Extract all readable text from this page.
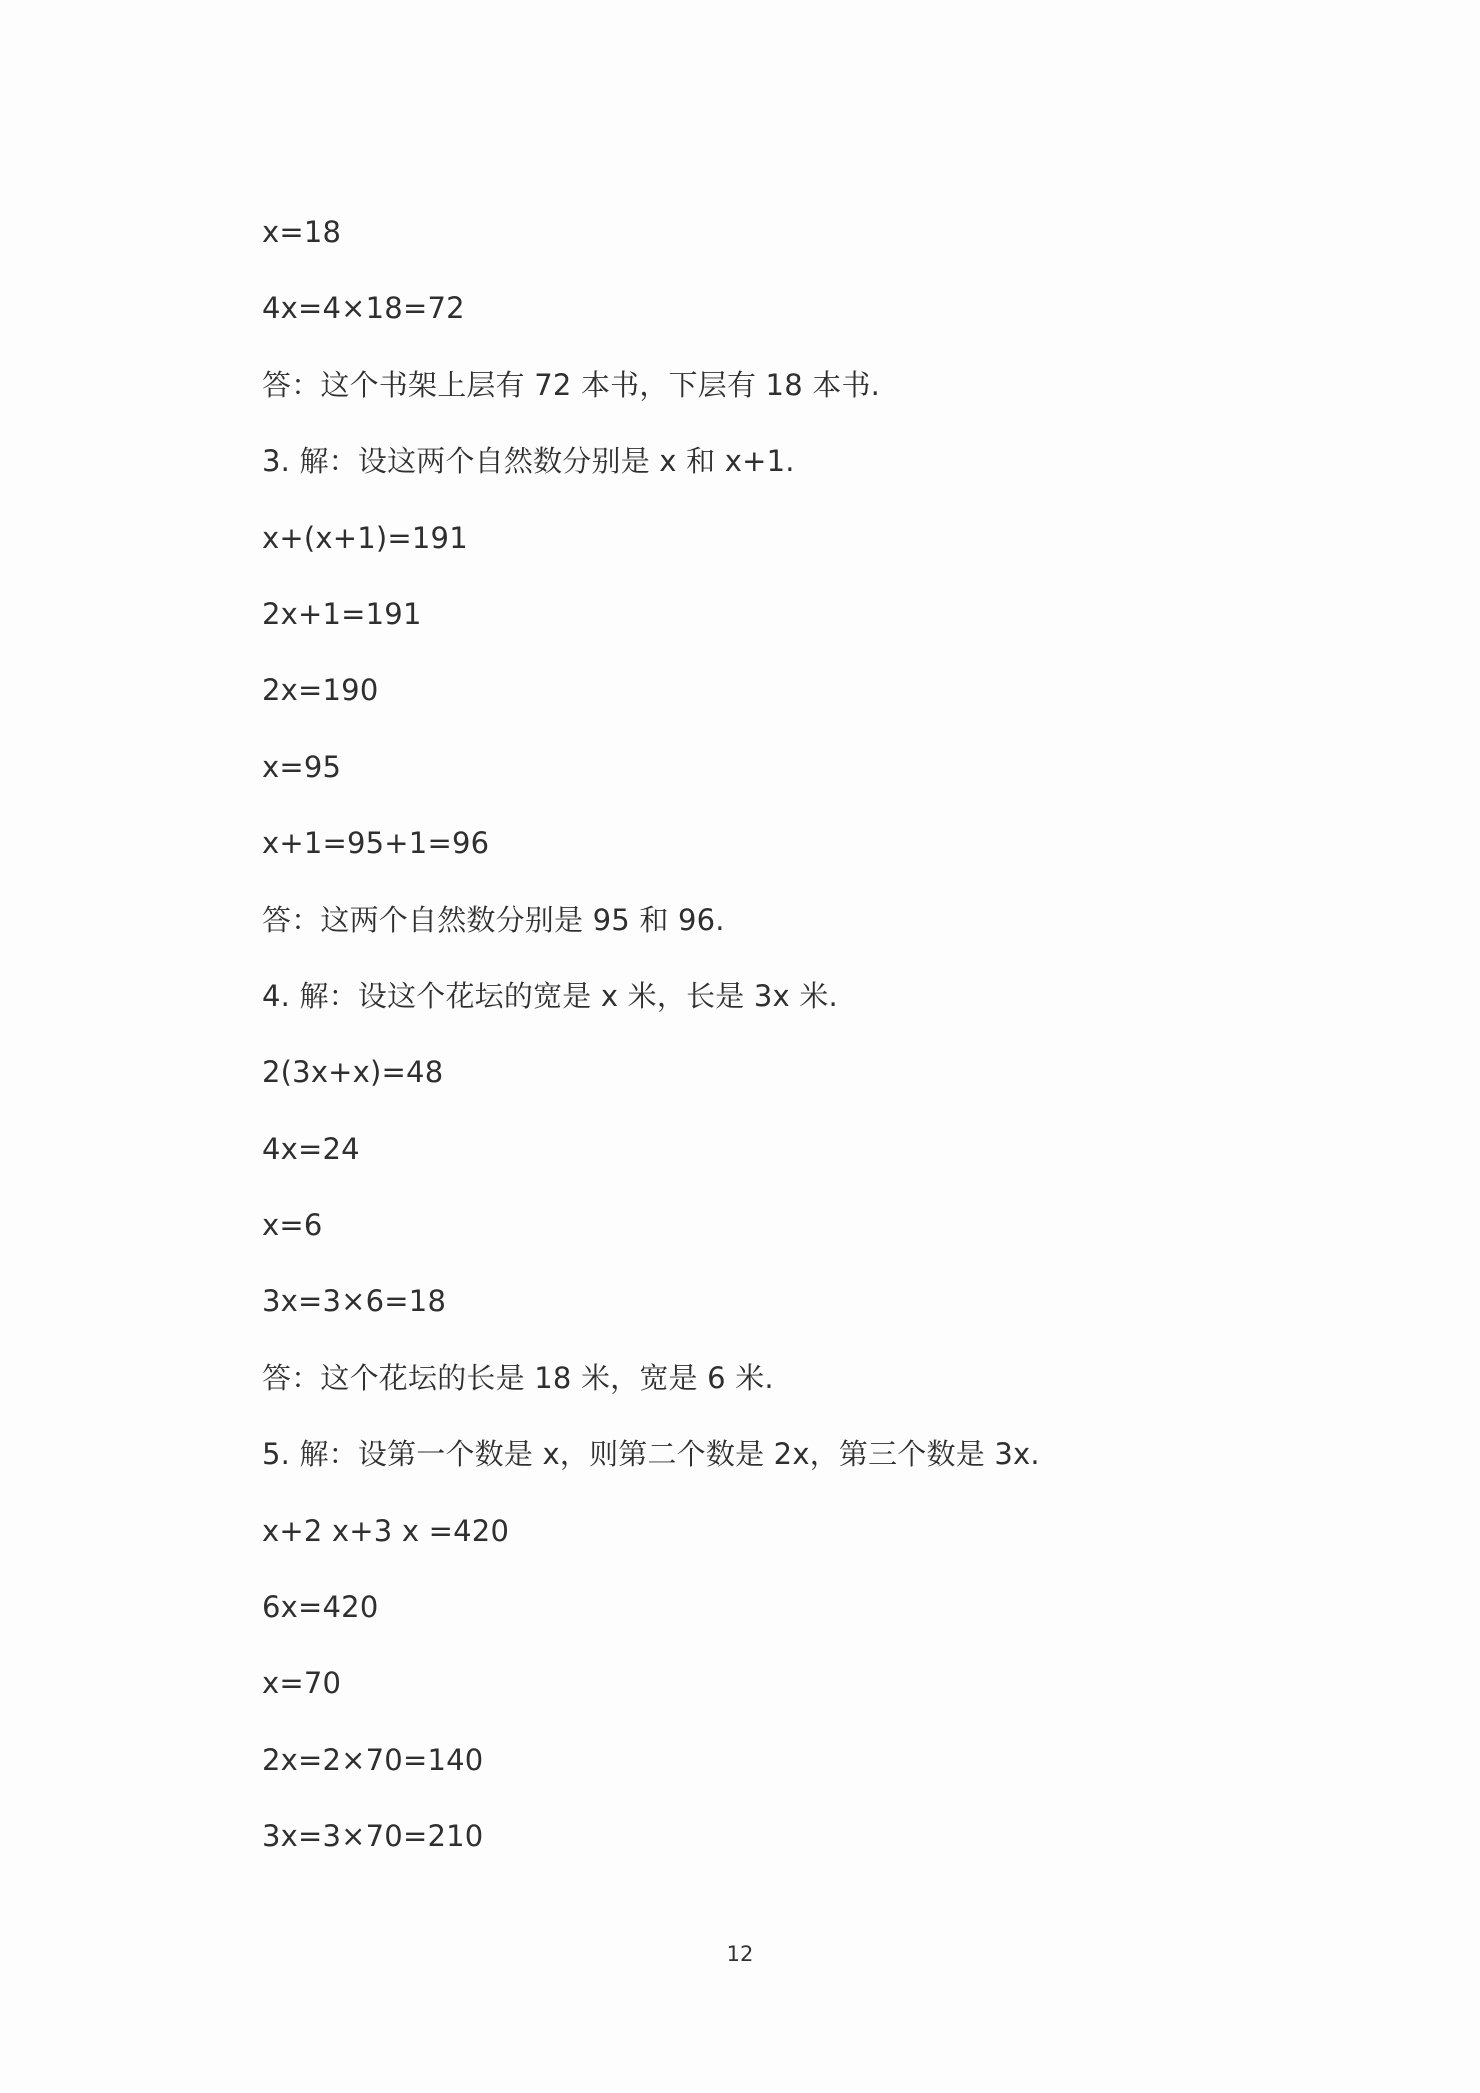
x=18
4x=4×18=72
答：这个书架上层有 72 本书，下层有 18 本书.
3. 解：设这两个自然数分别是 x 和 x+1.
x+(x+1)=191
2x+1=191
2x=190
x=95
x+1=95+1=96
答：这两个自然数分别是 95 和 96.
4. 解：设这个花坛的宽是 x 米，长是 3x 米.
2(3x+x)=48
4x=24
x=6
3x=3×6=18
答：这个花坛的长是 18 米，宽是 6 米.
5. 解：设第一个数是 x，则第二个数是 2x，第三个数是 3x.
x+2 x+3 x =420
6x=420
x=70
2x=2×70=140
3x=3×70=210
12
